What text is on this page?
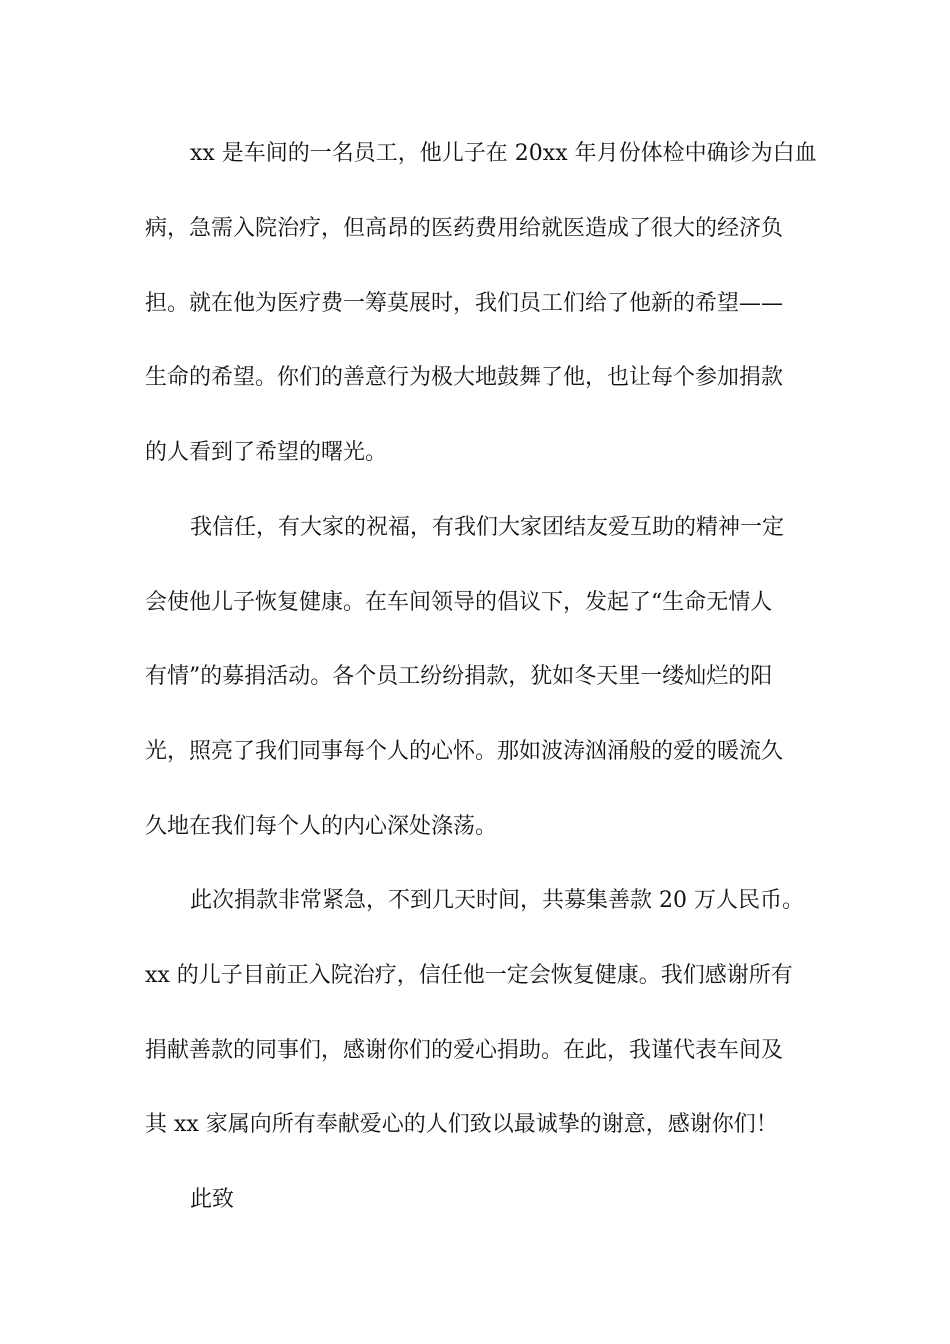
xx 是车间的一名员工，他儿子在 20xx 年月份体检中确诊为白血
病，急需入院治疗，但高昂的医药费用给就医造成了很大的经济负
担。就在他为医疗费一筹莫展时，我们员工们给了他新的希望——
生命的希望。你们的善意行为极大地鼓舞了他，也让每个参加捐款
的人看到了希望的曙光。
我信任，有大家的祝福，有我们大家团结友爱互助的精神一定
会使他儿子恢复健康。在车间领导的倡议下，发起了“生命无情人
有情”的募捐活动。各个员工纷纷捐款，犹如冬天里一缕灿烂的阳
光，照亮了我们同事每个人的心怀。那如波涛汹涌般的爱的暖流久
久地在我们每个人的内心深处涤荡。
此次捐款非常紧急，不到几天时间，共募集善款 20 万人民币。
xx 的儿子目前正入院治疗，信任他一定会恢复健康。我们感谢所有
捐献善款的同事们，感谢你们的爱心捐助。在此，我谨代表车间及
其 xx 家属向所有奉献爱心的人们致以最诚挚的谢意，感谢你们！
此致
